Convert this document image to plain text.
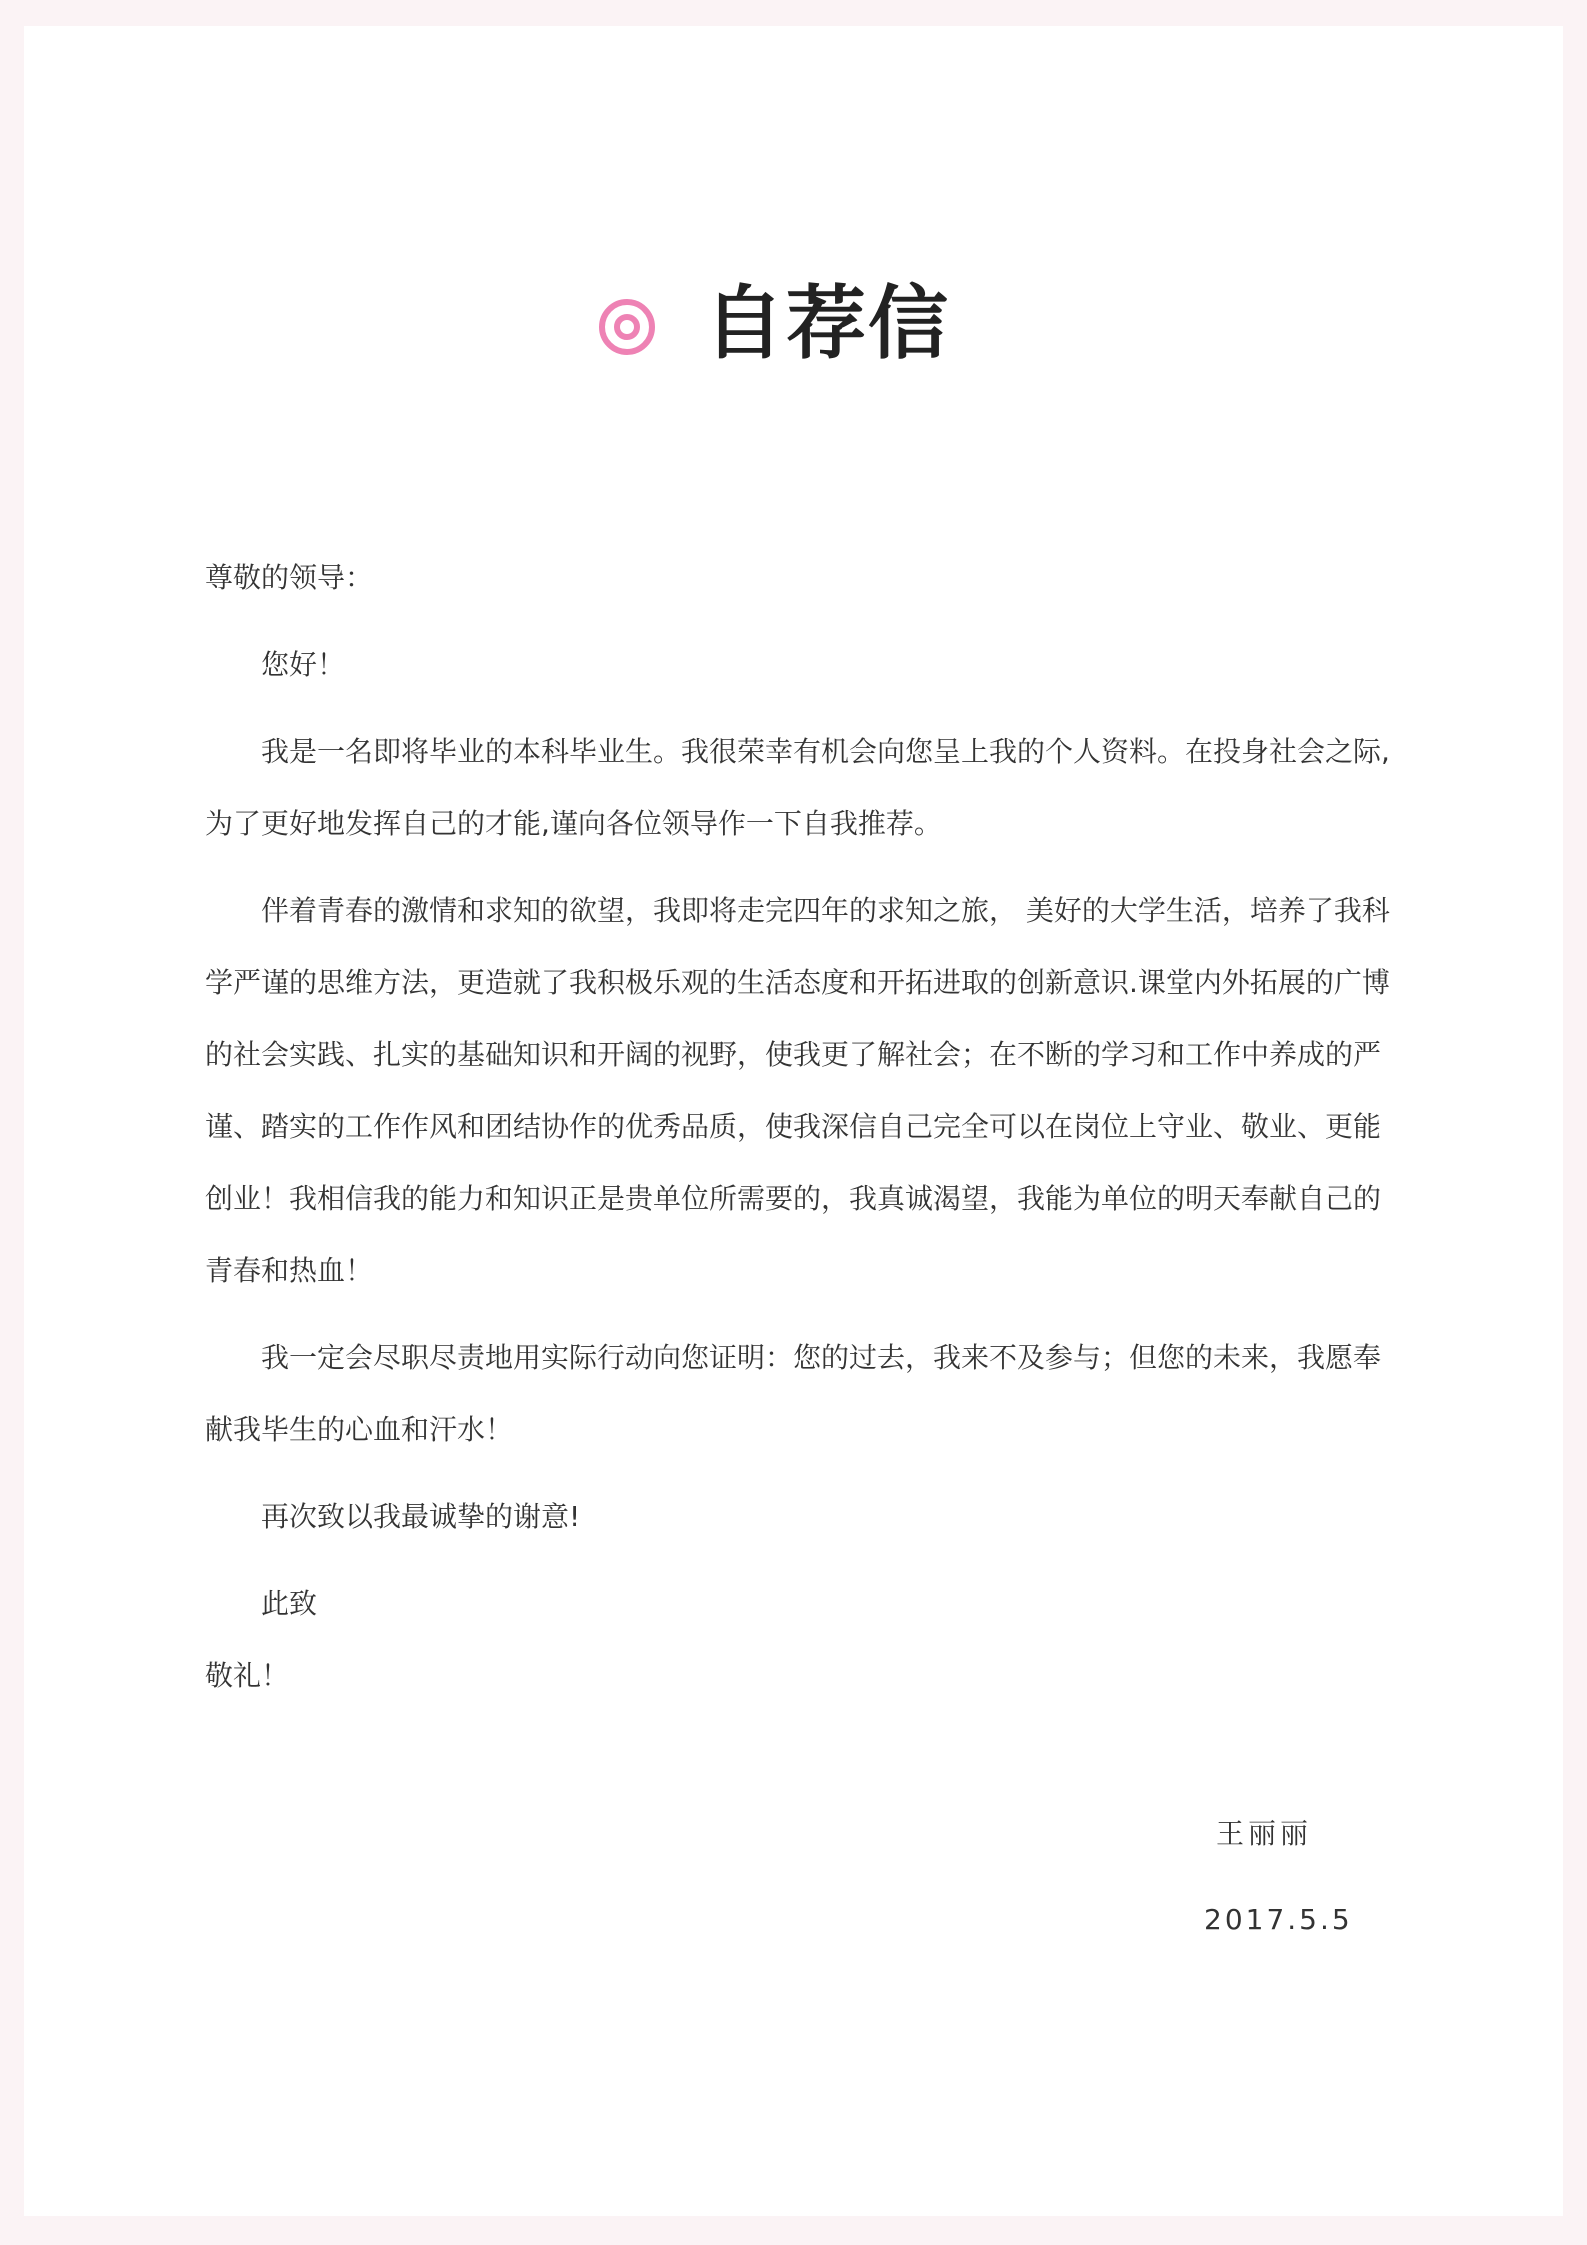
自荐信

尊敬的领导：

您好！

我是一名即将毕业的本科毕业生。我很荣幸有机会向您呈上我的个人资料。在投身社会之际,为了更好地发挥自己的才能,谨向各位领导作一下自我推荐。

伴着青春的激情和求知的欲望，我即将走完四年的求知之旅， 美好的大学生活，培养了我科学严谨的思维方法，更造就了我积极乐观的生活态度和开拓进取的创新意识.课堂内外拓展的广博的社会实践、扎实的基础知识和开阔的视野，使我更了解社会；在不断的学习和工作中养成的严谨、踏实的工作作风和团结协作的优秀品质，使我深信自己完全可以在岗位上守业、敬业、更能创业！我相信我的能力和知识正是贵单位所需要的，我真诚渴望，我能为单位的明天奉献自己的青春和热血！

我一定会尽职尽责地用实际行动向您证明：您的过去，我来不及参与；但您的未来，我愿奉献我毕生的心血和汗水！

再次致以我最诚挚的谢意!

此致

敬礼！

王丽丽
2017.5.5
